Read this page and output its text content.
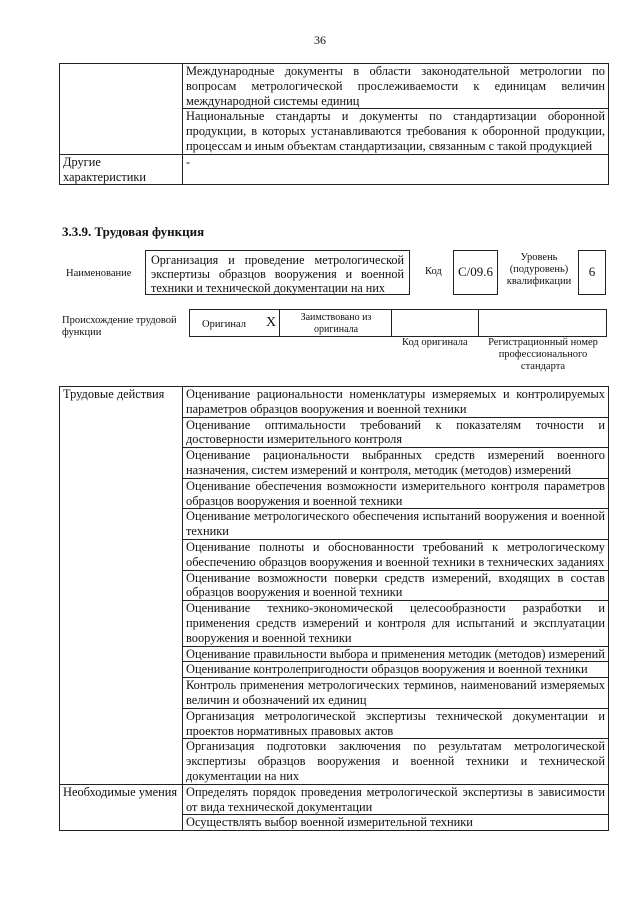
36
	Международные документы в области законодательной метрологии по вопросам метрологической прослеживаемости к единицам величин международной системы единиц
	Национальные стандарты и документы по стандартизации оборонной продукции, в которых устанавливаются требования к оборонной продукции, процессам и иным объектам стандартизации, связанным с такой продукцией
Другие характеристики	-
3.3.9. Трудовая функция
Наименование
Организация и проведение метрологической экспертизы образцов вооружения и военной техники и технической документации на них
Код	C/09.6
Уровень (подуровень) квалификации
6
Происхождение трудовой функции
Оригинал X	Заимствовано из оригинала
Код оригинала	Регистрационный номер профессионального стандарта
Трудовые действия	Оценивание рациональности номенклатуры измеряемых и контролируемых параметров образцов вооружения и военной техники
	Оценивание оптимальности требований к показателям точности и достоверности измерительного контроля
	Оценивание рациональности выбранных средств измерений военного назначения, систем измерений и контроля, методик (методов) измерений
	Оценивание обеспечения возможности измерительного контроля параметров образцов вооружения и военной техники
	Оценивание метрологического обеспечения испытаний вооружения и военной техники
	Оценивание полноты и обоснованности требований к метрологическому обеспечению образцов вооружения и военной техники в технических заданиях
	Оценивание возможности поверки средств измерений, входящих в состав образцов вооружения и военной техники
	Оценивание технико-экономической целесообразности разработки и применения средств измерений и контроля для испытаний и эксплуатации вооружения и военной техники
	Оценивание правильности выбора и применения методик (методов) измерений
	Оценивание контролепригодности образцов вооружения и военной техники
	Контроль применения метрологических терминов, наименований измеряемых величин и обозначений их единиц
	Организация метрологической экспертизы технической документации и проектов нормативных правовых актов
	Организация подготовки заключения по результатам метрологической экспертизы образцов вооружения и военной техники и технической документации на них
Необходимые умения	Определять порядок проведения метрологической экспертизы в зависимости от вида технической документации
	Осуществлять выбор военной измерительной техники
